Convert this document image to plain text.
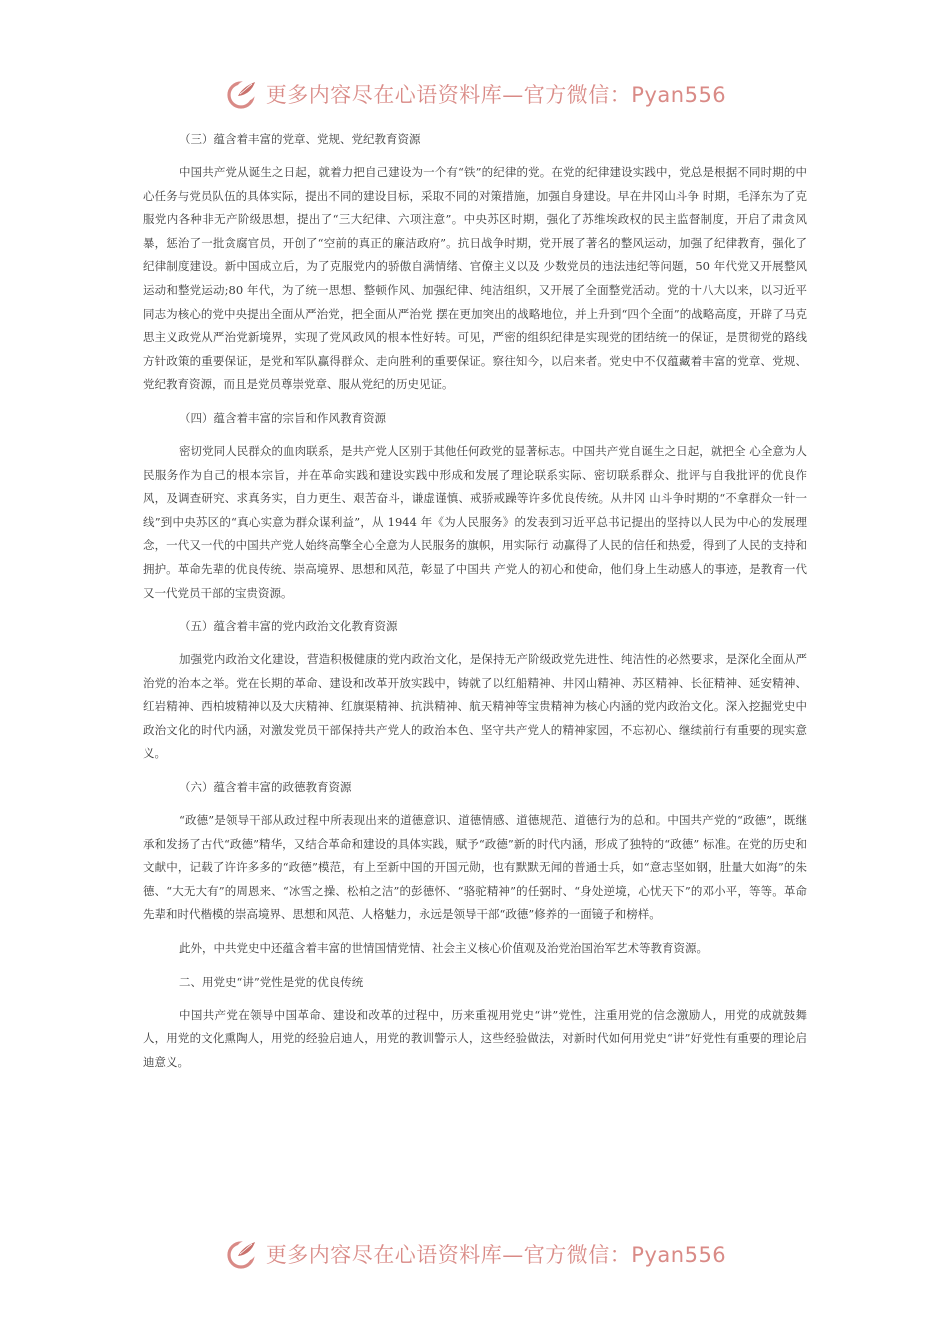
更多内容尽在心语资料库—官方微信：Pyan556
（三）蕴含着丰富的党章、党规、党纪教育资源

中国共产党从诞生之日起，就着力把自己建设为一个有“铁”的纪律的党。在党的纪律建设实践中，党总是根据不同时期的中心任务与党员队伍的具体实际，提出不同的建设目标，采取不同的对策措施，加强自身建设。早在井冈山斗争 时期，毛泽东为了克服党内各种非无产阶级思想，提出了“三大纪律、六项注意”。中央苏区时期，强化了苏维埃政权的民主监督制度，开启了肃贪风暴，惩治了一批贪腐官员，开创了“空前的真正的廉洁政府”。抗日战争时期，党开展了著名的整风运动，加强了纪律教育，强化了纪律制度建设。新中国成立后，为了克服党内的骄傲自满情绪、官僚主义以及 少数党员的违法违纪等问题，50 年代党又开展整风运动和整党运动;80 年代，为了统一思想、整顿作风、加强纪律、纯洁组织，又开展了全面整党活动。党的十八大以来，以习近平同志为核心的党中央提出全面从严治党，把全面从严治党 摆在更加突出的战略地位，并上升到“四个全面”的战略高度，开辟了马克思主义政党从严治党新境界，实现了党风政风的根本性好转。可见，严密的组织纪律是实现党的团结统一的保证，是贯彻党的路线方针政策的重要保证，是党和军队赢得群众、走向胜利的重要保证。察往知今，以启来者。党史中不仅蕴藏着丰富的党章、党规、党纪教育资源，而且是党员尊崇党章、服从党纪的历史见证。

（四）蕴含着丰富的宗旨和作风教育资源

密切党同人民群众的血肉联系，是共产党人区别于其他任何政党的显著标志。中国共产党自诞生之日起，就把全 心全意为人民服务作为自己的根本宗旨，并在革命实践和建设实践中形成和发展了理论联系实际、密切联系群众、批评与自我批评的优良作风，及调查研究、求真务实，自力更生、艰苦奋斗，谦虚谨慎、戒骄戒躁等许多优良传统。从井冈 山斗争时期的“不拿群众一针一线”到中央苏区的“真心实意为群众谋利益”，从 1944 年《为人民服务》的发表到习近平总书记提出的坚持以人民为中心的发展理念，一代又一代的中国共产党人始终高擎全心全意为人民服务的旗帜，用实际行 动赢得了人民的信任和热爱，得到了人民的支持和拥护。革命先辈的优良传统、崇高境界、思想和风范，彰显了中国共 产党人的初心和使命，他们身上生动感人的事迹，是教育一代又一代党员干部的宝贵资源。

（五）蕴含着丰富的党内政治文化教育资源

加强党内政治文化建设，营造积极健康的党内政治文化，是保持无产阶级政党先进性、纯洁性的必然要求，是深化全面从严治党的治本之举。党在长期的革命、建设和改革开放实践中，铸就了以红船精神、井冈山精神、苏区精神、长征精神、延安精神、红岩精神、西柏坡精神以及大庆精神、红旗渠精神、抗洪精神、航天精神等宝贵精神为核心内涵的党内政治文化。深入挖掘党史中政治文化的时代内涵，对激发党员干部保持共产党人的政治本色、坚守共产党人的精神家园，不忘初心、继续前行有重要的现实意义。

（六）蕴含着丰富的政德教育资源

“政德”是领导干部从政过程中所表现出来的道德意识、道德情感、道德规范、道德行为的总和。中国共产党的“政德”，既继承和发扬了古代“政德”精华，又结合革命和建设的具体实践，赋予“政德”新的时代内涵，形成了独特的“政德” 标准。在党的历史和文献中，记载了许许多多的“政德”模范，有上至新中国的开国元勋，也有默默无闻的普通士兵，如“意志坚如钢，肚量大如海”的朱德、“大无大有”的周恩来、“冰雪之操、松柏之洁”的彭德怀、“骆驼精神”的任弼时、“身处逆境，心忧天下”的邓小平，等等。革命先辈和时代楷模的崇高境界、思想和风范、人格魅力，永远是领导干部“政德”修养的一面镜子和榜样。

此外，中共党史中还蕴含着丰富的世情国情党情、社会主义核心价值观及治党治国治军艺术等教育资源。

二、用党史“讲”党性是党的优良传统

中国共产党在领导中国革命、建设和改革的过程中，历来重视用党史“讲”党性，注重用党的信念激励人，用党的成就鼓舞人，用党的文化熏陶人，用党的经验启迪人，用党的教训警示人，这些经验做法，对新时代如何用党史“讲”好党性有重要的理论启迪意义。

更多内容尽在心语资料库—官方微信：Pyan556
